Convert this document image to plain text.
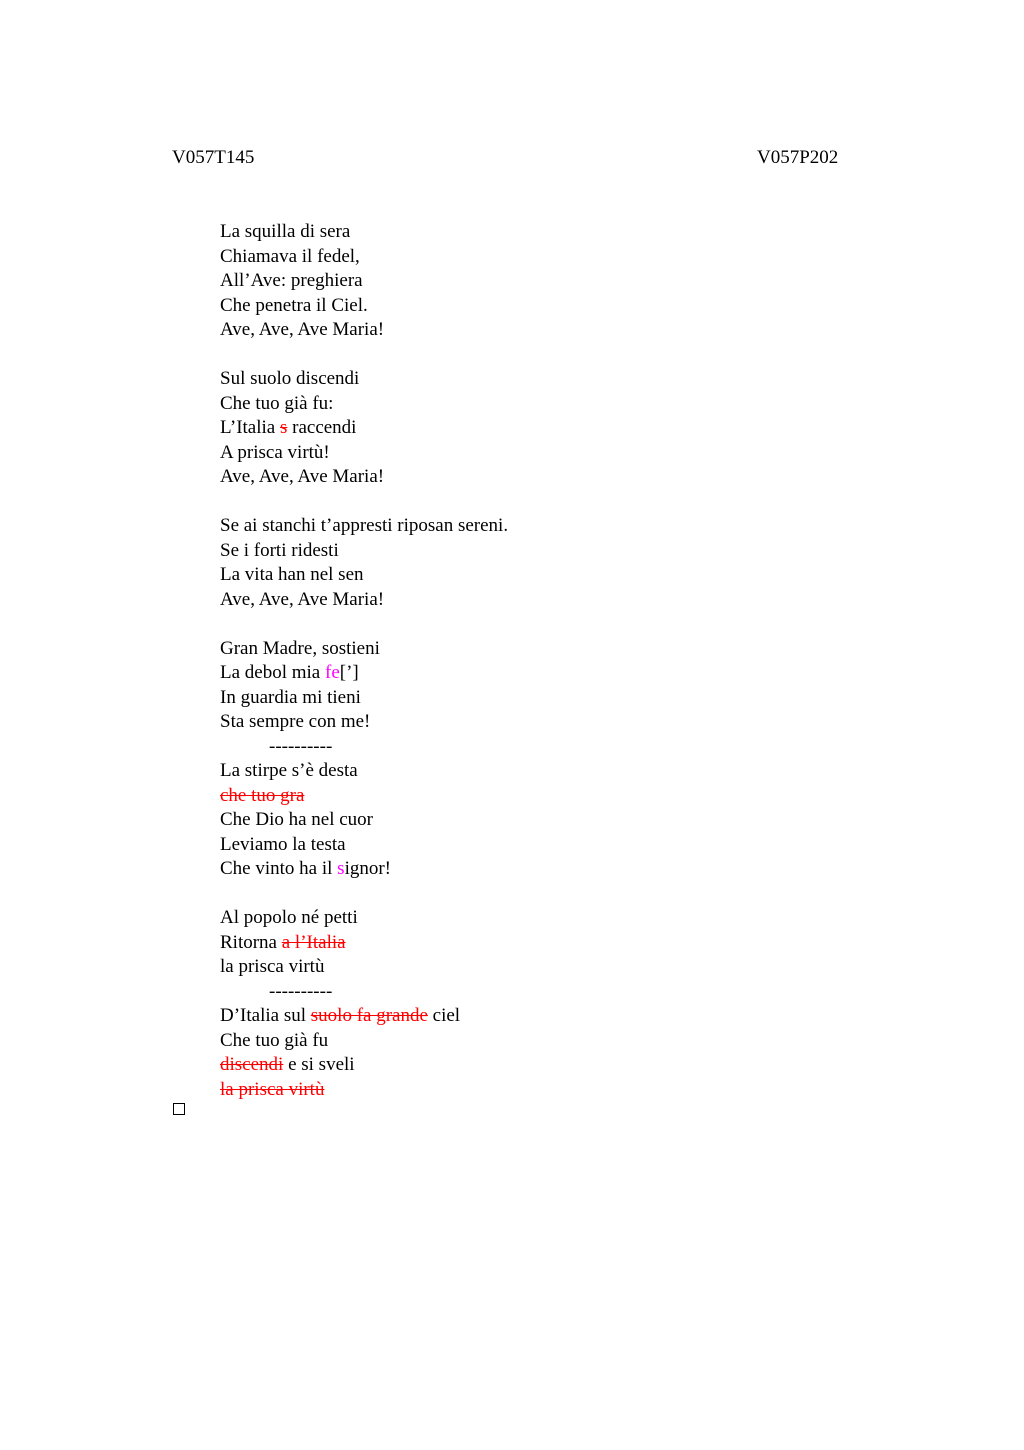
V057T145	V057P202
La squilla di sera
Chiamava il fedel,
All’Ave: preghiera
Che penetra il Ciel.
Ave, Ave, Ave Maria!
Sul suolo discendi
Che tuo già fu:
L’Italia s raccendi
A prisca virtù!
Ave, Ave, Ave Maria!
Se ai stanchi t’appresti riposan sereni.
Se i forti ridesti
La vita han nel sen
Ave, Ave, Ave Maria!
Gran Madre, sostieni
La debol mia fe[’]
In guardia mi tieni
Sta sempre con me!
----------
La stirpe s’è desta
che tuo gra
Che Dio ha nel cuor
Leviamo la testa
Che vinto ha il signor!
Al popolo né petti
Ritorna a l’Italia
la prisca virtù
----------
D’Italia sul suolo fa grande ciel
Che tuo già fu
discendi e si sveli
la prisca virtù
